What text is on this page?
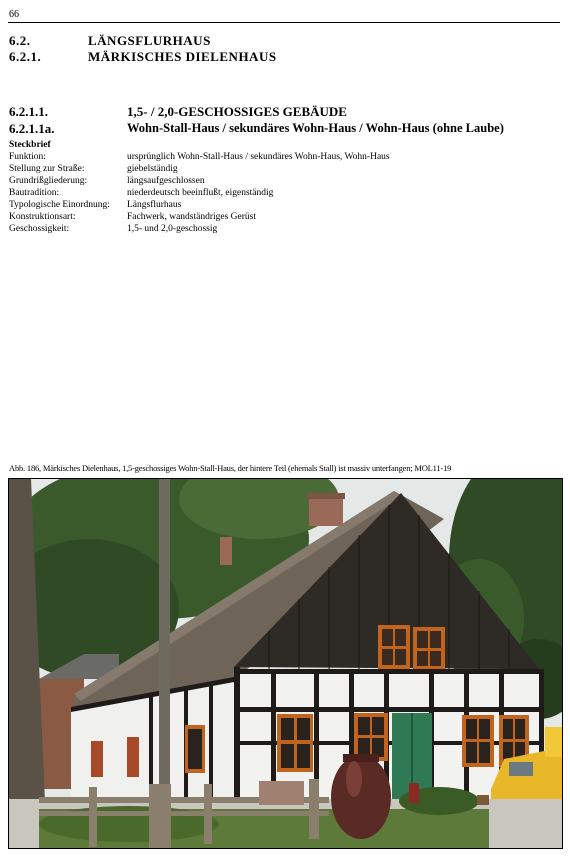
66
6.2.	LÄNGSFLURHAUS
6.2.1.	MÄRKISCHES DIELENHAUS
6.2.1.1.	1,5- / 2,0-GESCHOSSIGES GEBÄUDE
6.2.1.1a.	Wohn-Stall-Haus / sekundäres Wohn-Haus / Wohn-Haus (ohne Laube)
Steckbrief
Funktion:	ursprünglich Wohn-Stall-Haus / sekundäres Wohn-Haus, Wohn-Haus
Stellung zur Straße:	giebelständig
Grundrißgliederung:	längsaufgeschlossen
Bautradition:	niederdeutsch beeinflußt, eigenständig
Typologische Einordnung: Längsflurhaus
Konstruktionsart:	Fachwerk, wandständriges Gerüst
Geschossigkeit:	1,5- und 2,0-geschossig
Abb. 186, Märkisches Dielenhaus, 1,5-geschossiges Wohn-Stall-Haus, der hintere Teil (ehemals Stall) ist massiv unterfangen; MOL11-19
